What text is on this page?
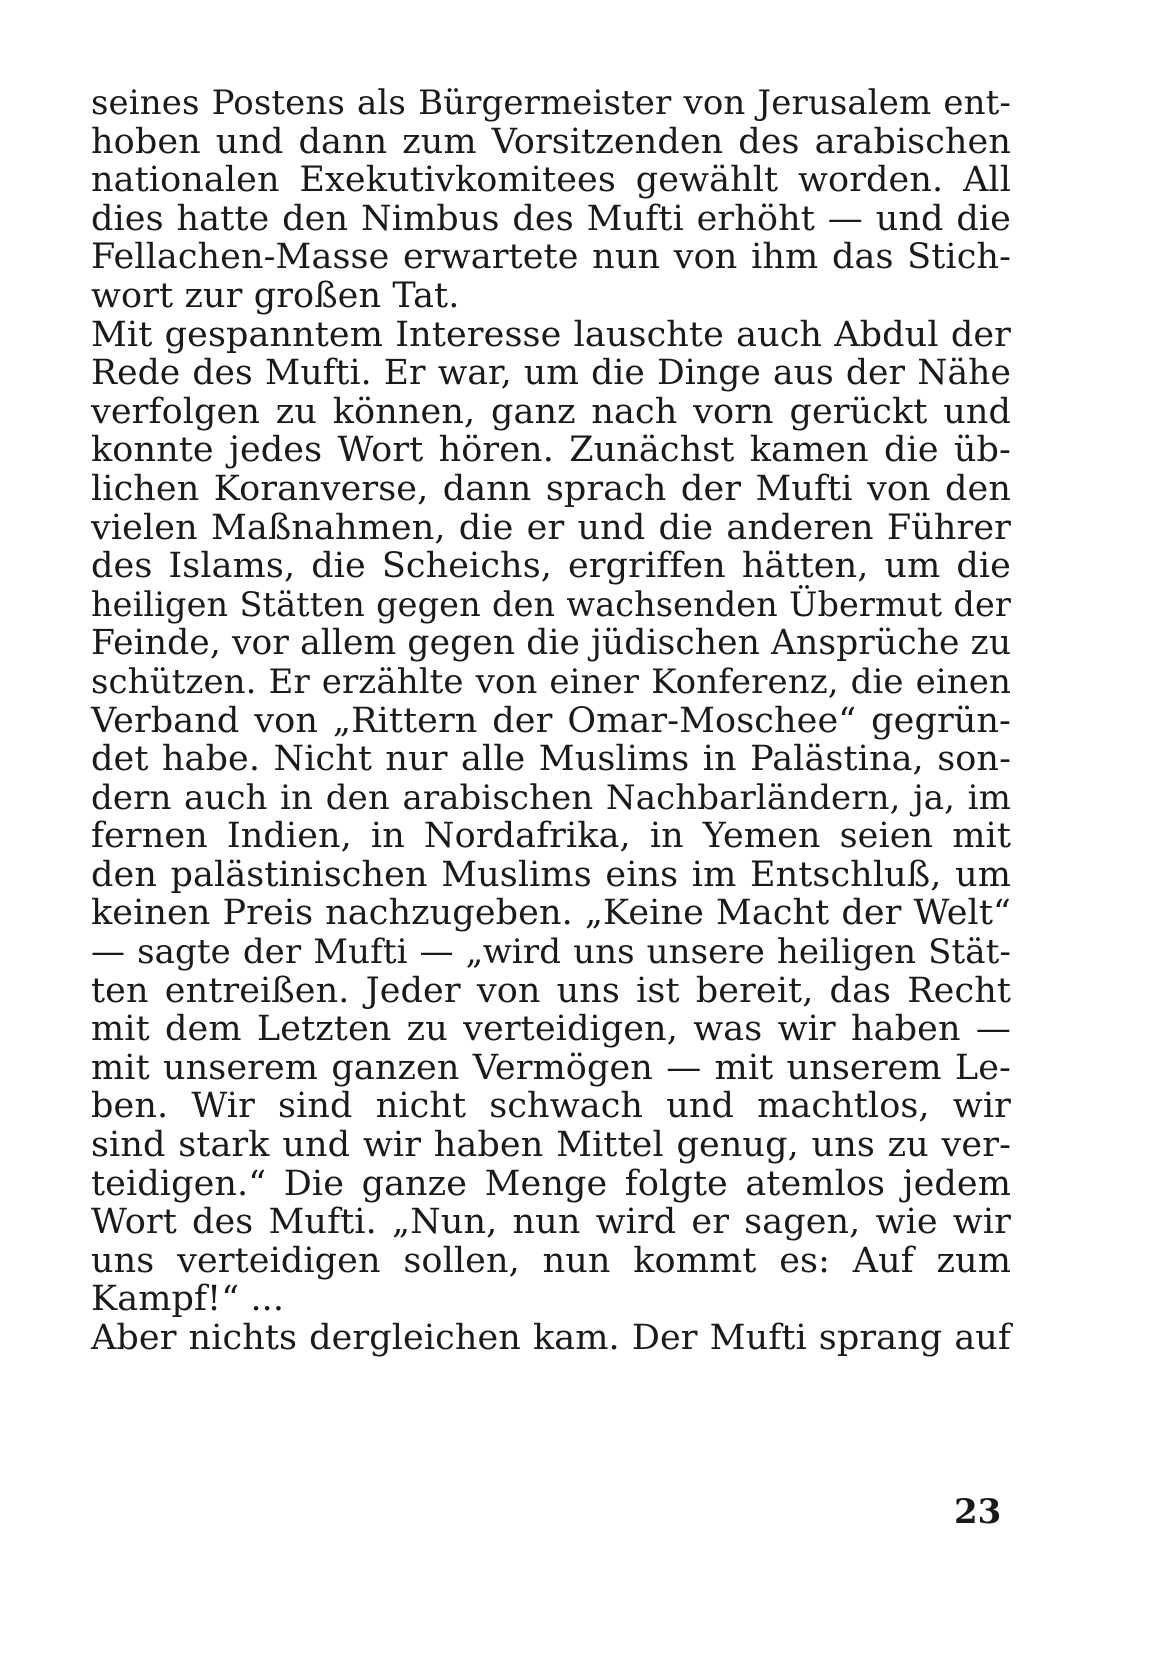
seines Postens als Bürgermeister von Jerusalem ent-
hoben und dann zum Vorsitzenden des arabischen
nationalen Exekutivkomitees gewählt worden. All
dies hatte den Nimbus des Mufti erhöht — und die
Fellachen-Masse erwartete nun von ihm das Stich-
wort zur großen Tat.
Mit gespanntem Interesse lauschte auch Abdul der
Rede des Mufti. Er war, um die Dinge aus der Nähe
verfolgen zu können, ganz nach vorn gerückt und
konnte jedes Wort hören. Zunächst kamen die üb-
lichen Koranverse, dann sprach der Mufti von den
vielen Maßnahmen, die er und die anderen Führer
des Islams, die Scheichs, ergriffen hätten, um die
heiligen Stätten gegen den wachsenden Übermut der
Feinde, vor allem gegen die jüdischen Ansprüche zu
schützen. Er erzählte von einer Konferenz, die einen
Verband von „Rittern der Omar-Moschee“ gegrün-
det habe. Nicht nur alle Muslims in Palästina, son-
dern auch in den arabischen Nachbarländern, ja, im
fernen Indien, in Nordafrika, in Yemen seien mit
den palästinischen Muslims eins im Entschluß, um
keinen Preis nachzugeben. „Keine Macht der Welt“
— sagte der Mufti — „wird uns unsere heiligen Stät-
ten entreißen. Jeder von uns ist bereit, das Recht
mit dem Letzten zu verteidigen, was wir haben —
mit unserem ganzen Vermögen — mit unserem Le-
ben. Wir sind nicht schwach und machtlos, wir
sind stark und wir haben Mittel genug, uns zu ver-
teidigen.“ Die ganze Menge folgte atemlos jedem
Wort des Mufti. „Nun, nun wird er sagen, wie wir
uns verteidigen sollen, nun kommt es: Auf zum
Kampf!“ ...
Aber nichts dergleichen kam. Der Mufti sprang auf
23
